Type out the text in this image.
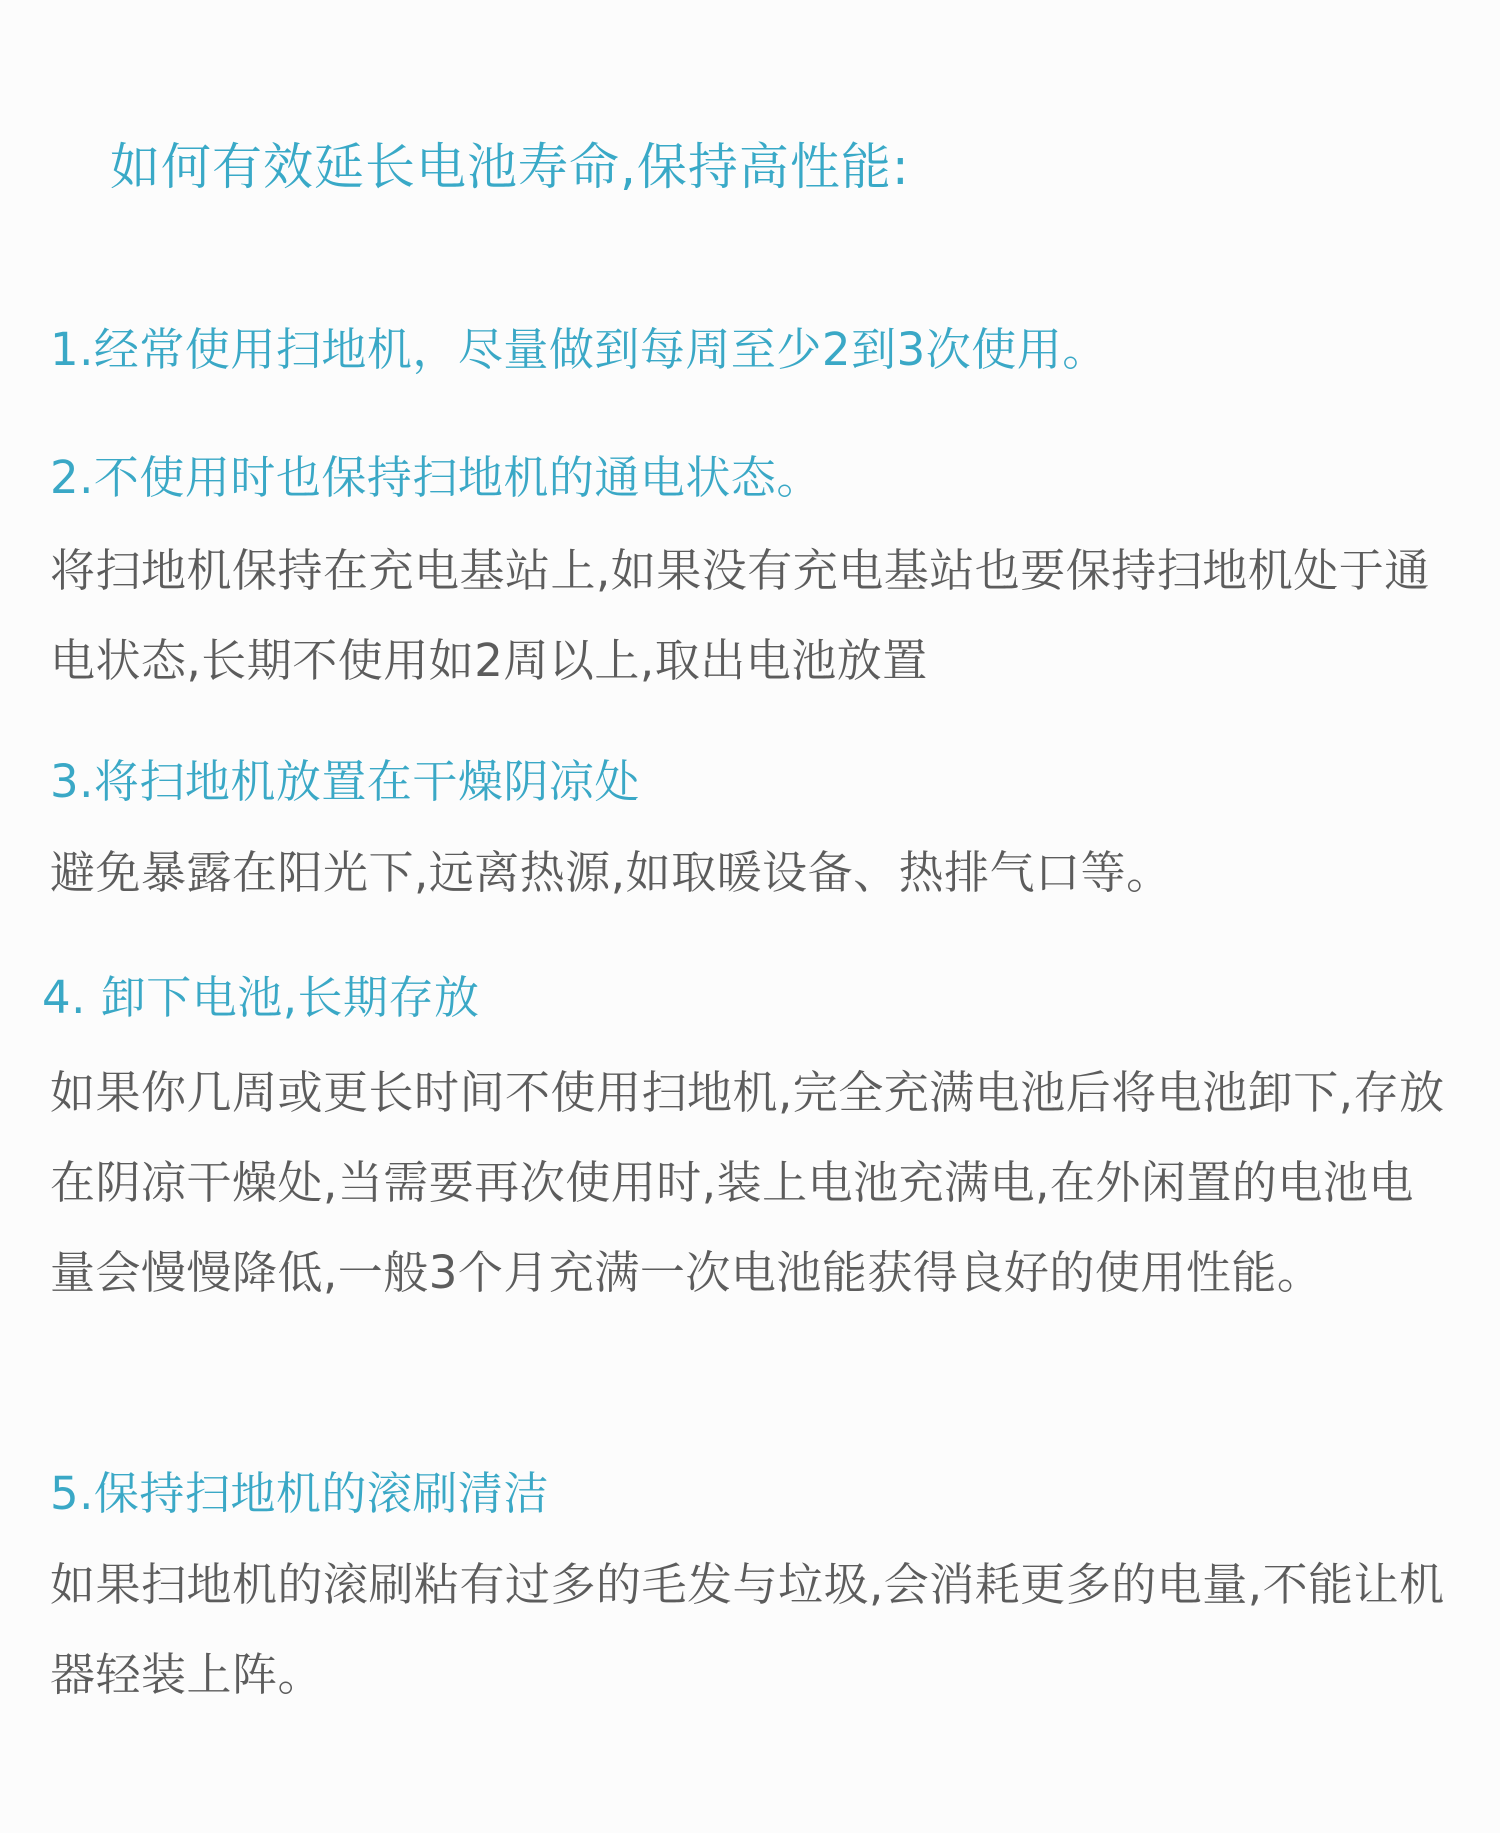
如何有效延长电池寿命,保持高性能:
1.经常使用扫地机，尽量做到每周至少2到3次使用。
2.不使用时也保持扫地机的通电状态。
将扫地机保持在充电基站上,如果没有充电基站也要保持扫地机处于通电状态,长期不使用如2周以上,取出电池放置
3.将扫地机放置在干燥阴凉处
避免暴露在阳光下,远离热源,如取暖设备、热排气口等。
4. 卸下电池,长期存放
如果你几周或更长时间不使用扫地机,完全充满电池后将电池卸下,存放在阴凉干燥处,当需要再次使用时,装上电池充满电,在外闲置的电池电量会慢慢降低,一般3个月充满一次电池能获得良好的使用性能。
5.保持扫地机的滚刷清洁
如果扫地机的滚刷粘有过多的毛发与垃圾,会消耗更多的电量,不能让机器轻装上阵。
